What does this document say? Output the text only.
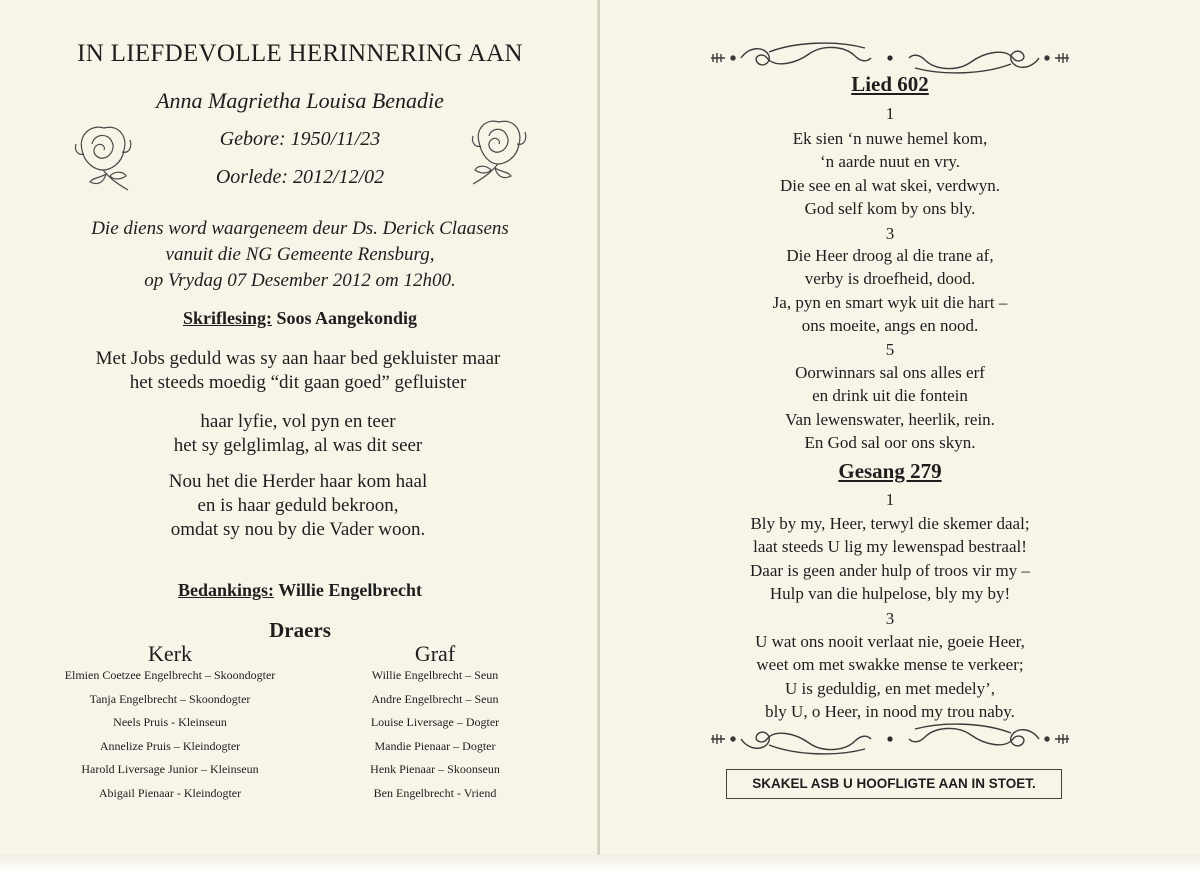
IN LIEFDEVOLLE HERINNERING AAN
Anna Magrietha Louisa Benadie
Gebore: 1950/11/23
Oorlede: 2012/12/02
Die diens word waargeneem deur Ds. Derick Claasens
vanuit die NG Gemeente Rensburg,
op Vrydag 07 Desember 2012 om 12h00.
Skriflesing: Soos Aangekondig
Met Jobs geduld was sy aan haar bed gekluister maar
het steeds moedig “dit gaan goed” gefluister
haar lyfie, vol pyn en teer
het sy gelglimlag, al was dit seer
Nou het die Herder haar kom haal
en is haar geduld bekroon,
omdat sy nou by die Vader woon.
Bedankings: Willie Engelbrecht
Draers
Kerk	Graf
Elmien Coetzee Engelbrecht – Skoondogter
Tanja Engelbrecht – Skoondogter
Neels Pruis - Kleinseun
Annelize Pruis – Kleindogter
Harold Liversage Junior – Kleinseun
Abigail Pienaar - Kleindogter
Willie Engelbrecht – Seun
Andre Engelbrecht – Seun
Louise Liversage – Dogter
Mandie Pienaar – Dogter
Henk Pienaar – Skoonseun
Ben Engelbrecht - Vriend
Lied 602
1
Ek sien ‘n nuwe hemel kom,
‘n aarde nuut en vry.
Die see en al wat skei, verdwyn.
God self kom by ons bly.
3
Die Heer droog al die trane af,
verby is droefheid, dood.
Ja, pyn en smart wyk uit die hart –
ons moeite, angs en nood.
5
Oorwinnars sal ons alles erf
en drink uit die fontein
Van lewenswater, heerlik, rein.
En God sal oor ons skyn.
Gesang 279
1
Bly by my, Heer, terwyl die skemer daal;
laat steeds U lig my lewenspad bestraal!
Daar is geen ander hulp of troos vir my –
Hulp van die hulpelose, bly my by!
3
U wat ons nooit verlaat nie, goeie Heer,
weet om met swakke mense te verkeer;
U is geduldig, en met medely’,
bly U, o Heer, in nood my trou naby.
SKAKEL ASB U HOOFLIGTE AAN IN STOET.
